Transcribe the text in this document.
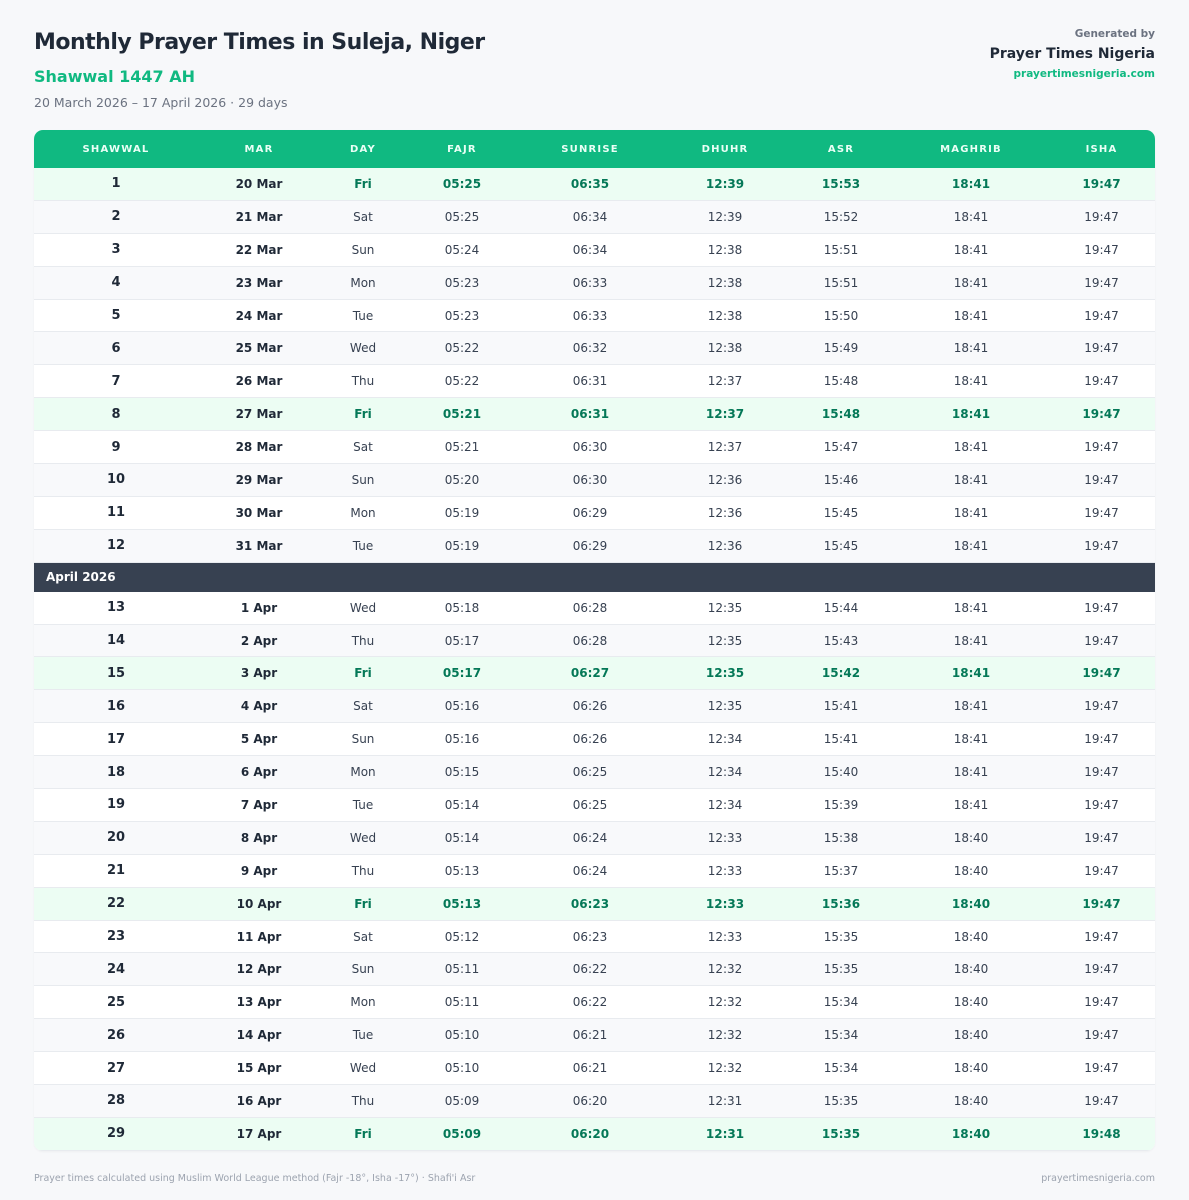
Monthly Prayer Times in Suleja, Niger
Shawwal 1447 AH
20 March 2026 – 17 April 2026 · 29 days
Generated by
Prayer Times Nigeria
prayertimesnigeria.com
SHAWWAL	MAR	DAY	FAJR	SUNRISE	DHUHR	ASR	MAGHRIB	ISHA
1	20 Mar	Fri	05:25	06:35	12:39	15:53	18:41	19:47
2	21 Mar	Sat	05:25	06:34	12:39	15:52	18:41	19:47
3	22 Mar	Sun	05:24	06:34	12:38	15:51	18:41	19:47
4	23 Mar	Mon	05:23	06:33	12:38	15:51	18:41	19:47
5	24 Mar	Tue	05:23	06:33	12:38	15:50	18:41	19:47
6	25 Mar	Wed	05:22	06:32	12:38	15:49	18:41	19:47
7	26 Mar	Thu	05:22	06:31	12:37	15:48	18:41	19:47
8	27 Mar	Fri	05:21	06:31	12:37	15:48	18:41	19:47
9	28 Mar	Sat	05:21	06:30	12:37	15:47	18:41	19:47
10	29 Mar	Sun	05:20	06:30	12:36	15:46	18:41	19:47
11	30 Mar	Mon	05:19	06:29	12:36	15:45	18:41	19:47
12	31 Mar	Tue	05:19	06:29	12:36	15:45	18:41	19:47
April 2026
13	1 Apr	Wed	05:18	06:28	12:35	15:44	18:41	19:47
14	2 Apr	Thu	05:17	06:28	12:35	15:43	18:41	19:47
15	3 Apr	Fri	05:17	06:27	12:35	15:42	18:41	19:47
16	4 Apr	Sat	05:16	06:26	12:35	15:41	18:41	19:47
17	5 Apr	Sun	05:16	06:26	12:34	15:41	18:41	19:47
18	6 Apr	Mon	05:15	06:25	12:34	15:40	18:41	19:47
19	7 Apr	Tue	05:14	06:25	12:34	15:39	18:41	19:47
20	8 Apr	Wed	05:14	06:24	12:33	15:38	18:40	19:47
21	9 Apr	Thu	05:13	06:24	12:33	15:37	18:40	19:47
22	10 Apr	Fri	05:13	06:23	12:33	15:36	18:40	19:47
23	11 Apr	Sat	05:12	06:23	12:33	15:35	18:40	19:47
24	12 Apr	Sun	05:11	06:22	12:32	15:35	18:40	19:47
25	13 Apr	Mon	05:11	06:22	12:32	15:34	18:40	19:47
26	14 Apr	Tue	05:10	06:21	12:32	15:34	18:40	19:47
27	15 Apr	Wed	05:10	06:21	12:32	15:34	18:40	19:47
28	16 Apr	Thu	05:09	06:20	12:31	15:35	18:40	19:47
29	17 Apr	Fri	05:09	06:20	12:31	15:35	18:40	19:48
Prayer times calculated using Muslim World League method (Fajr -18°, Isha -17°) · Shafi'i Asr	prayertimesnigeria.com
